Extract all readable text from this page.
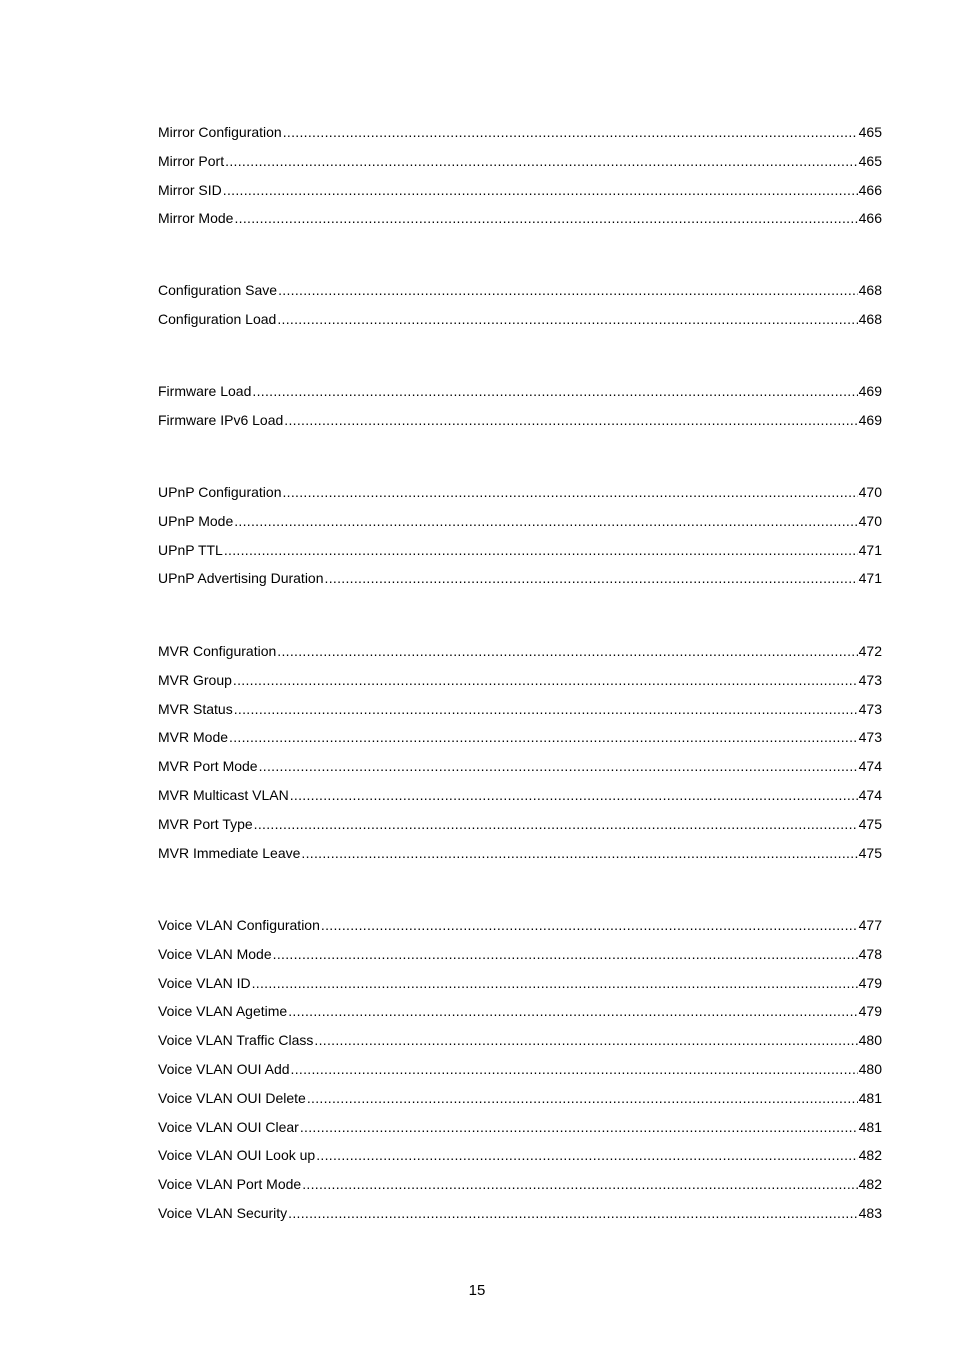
Mirror Configuration .....	465
Mirror Port .....	465
Mirror SID .....	466
Mirror Mode .....	466
Configuration Save .....	468
Configuration Load .....	468
Firmware Load .....	469
Firmware IPv6 Load .....	469
UPnP Configuration .....	470
UPnP Mode .....	470
UPnP TTL .....	471
UPnP Advertising Duration .....	471
MVR Configuration .....	472
MVR Group .....	473
MVR Status .....	473
MVR Mode .....	473
MVR Port Mode .....	474
MVR Multicast VLAN .....	474
MVR Port Type .....	475
MVR Immediate Leave .....	475
Voice VLAN Configuration .....	477
Voice VLAN Mode .....	478
Voice VLAN ID .....	479
Voice VLAN Agetime .....	479
Voice VLAN Traffic Class .....	480
Voice VLAN OUI Add .....	480
Voice VLAN OUI Delete .....	481
Voice VLAN OUI Clear .....	481
Voice VLAN OUI Look up .....	482
Voice VLAN Port Mode .....	482
Voice VLAN Security .....	483
15
